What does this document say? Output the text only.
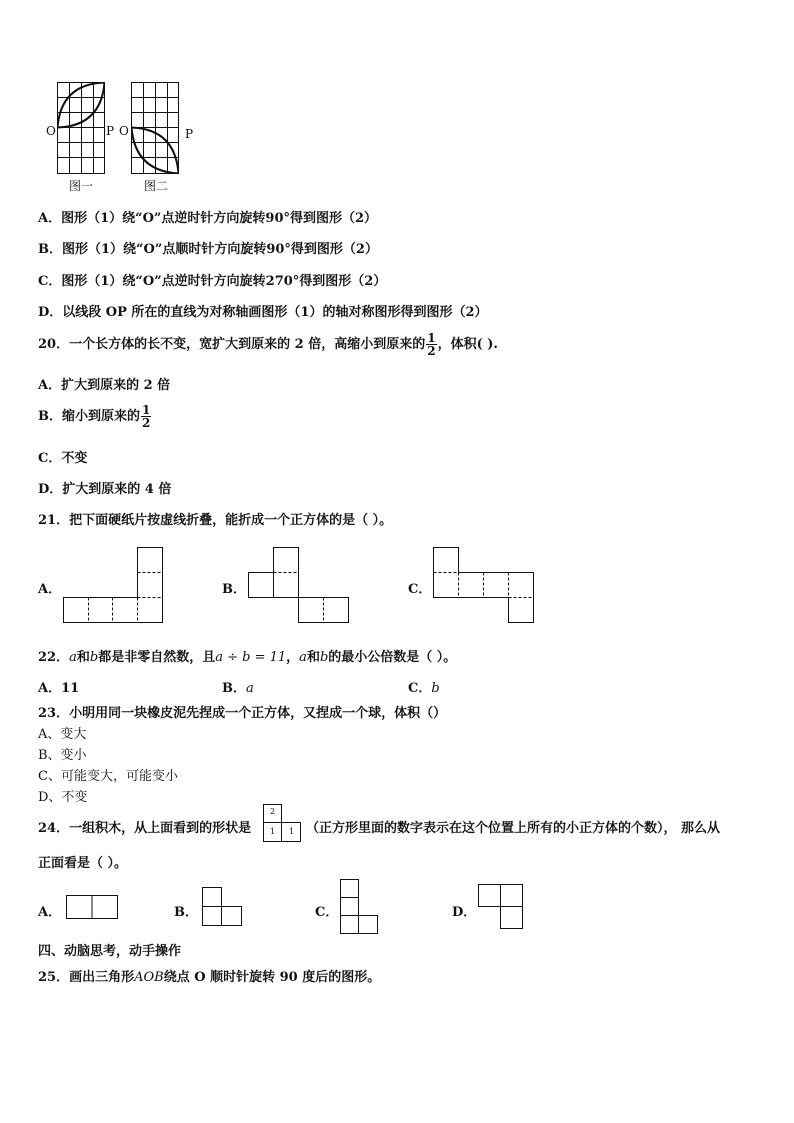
O	P
图一
O	P
图二
A．图形（1）绕“O”点逆时针方向旋转90°得到图形（2）
B．图形（1）绕“O”点顺时针方向旋转90°得到图形（2）
C．图形（1）绕“O”点逆时针方向旋转270°得到图形（2）
D．以线段 OP 所在的直线为对称轴画图形（1）的轴对称图形得到图形（2）
20．一个长方体的长不变，宽扩大到原来的 2 倍，高缩小到原来的 $\frac{1}{2}$ ，体积( ).
A．扩大到原来的 2 倍
B．缩小到原来的 $\frac{1}{2}$
C．不变
D．扩大到原来的 4 倍
21．把下面硬纸片按虚线折叠，能折成一个正方体的是（ ）。
A．	B．	C．
22．a和b都是非零自然数，且a ÷ b = 11，a和b的最小公倍数是（ ）。
A．11	B．a	C．b
23．小明用同一块橡皮泥先捏成一个正方体，又捏成一个球，体积（）
A、变大
B、变小
C、可能变大，可能变小
D、不变
24．一组积木，从上面看到的形状是
2
1 1 （正方形里面的数字表示在这个位置上所有的小正方体的个数）， 那么从
正面看是（ ）。
A．	B．	C．	D．
四、动脑思考，动手操作
25．画出三角形AOB绕点 O 顺时针旋转 90 度后的图形。
